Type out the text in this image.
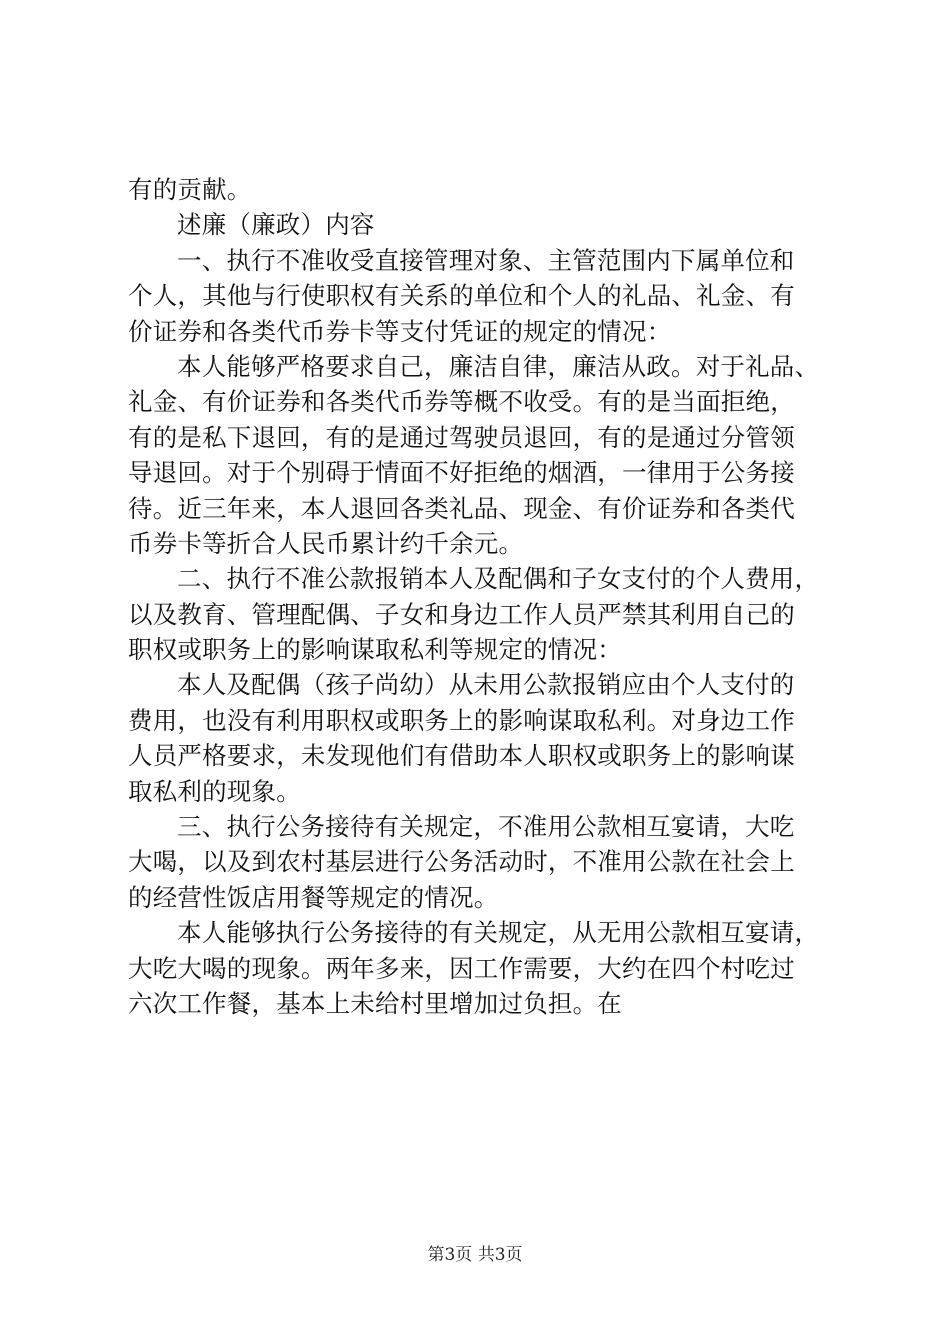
有的贡献。
述廉（廉政）内容
一、执行不准收受直接管理对象、主管范围内下属单位和
个人，其他与行使职权有关系的单位和个人的礼品、礼金、有
价证券和各类代币券卡等支付凭证的规定的情况：
本人能够严格要求自己，廉洁自律，廉洁从政。对于礼品、
礼金、有价证券和各类代币券等概不收受。有的是当面拒绝，
有的是私下退回，有的是通过驾驶员退回，有的是通过分管领
导退回。对于个别碍于情面不好拒绝的烟酒，一律用于公务接
待。近三年来，本人退回各类礼品、现金、有价证券和各类代
币券卡等折合人民币累计约千余元。
二、执行不准公款报销本人及配偶和子女支付的个人费用，
以及教育、管理配偶、子女和身边工作人员严禁其利用自己的
职权或职务上的影响谋取私利等规定的情况：
本人及配偶（孩子尚幼）从未用公款报销应由个人支付的
费用，也没有利用职权或职务上的影响谋取私利。对身边工作
人员严格要求，未发现他们有借助本人职权或职务上的影响谋
取私利的现象。
三、执行公务接待有关规定，不准用公款相互宴请，大吃
大喝，以及到农村基层进行公务活动时，不准用公款在社会上
的经营性饭店用餐等规定的情况。
本人能够执行公务接待的有关规定，从无用公款相互宴请，
大吃大喝的现象。两年多来，因工作需要，大约在四个村吃过
六次工作餐，基本上未给村里增加过负担。在
第3页 共3页
